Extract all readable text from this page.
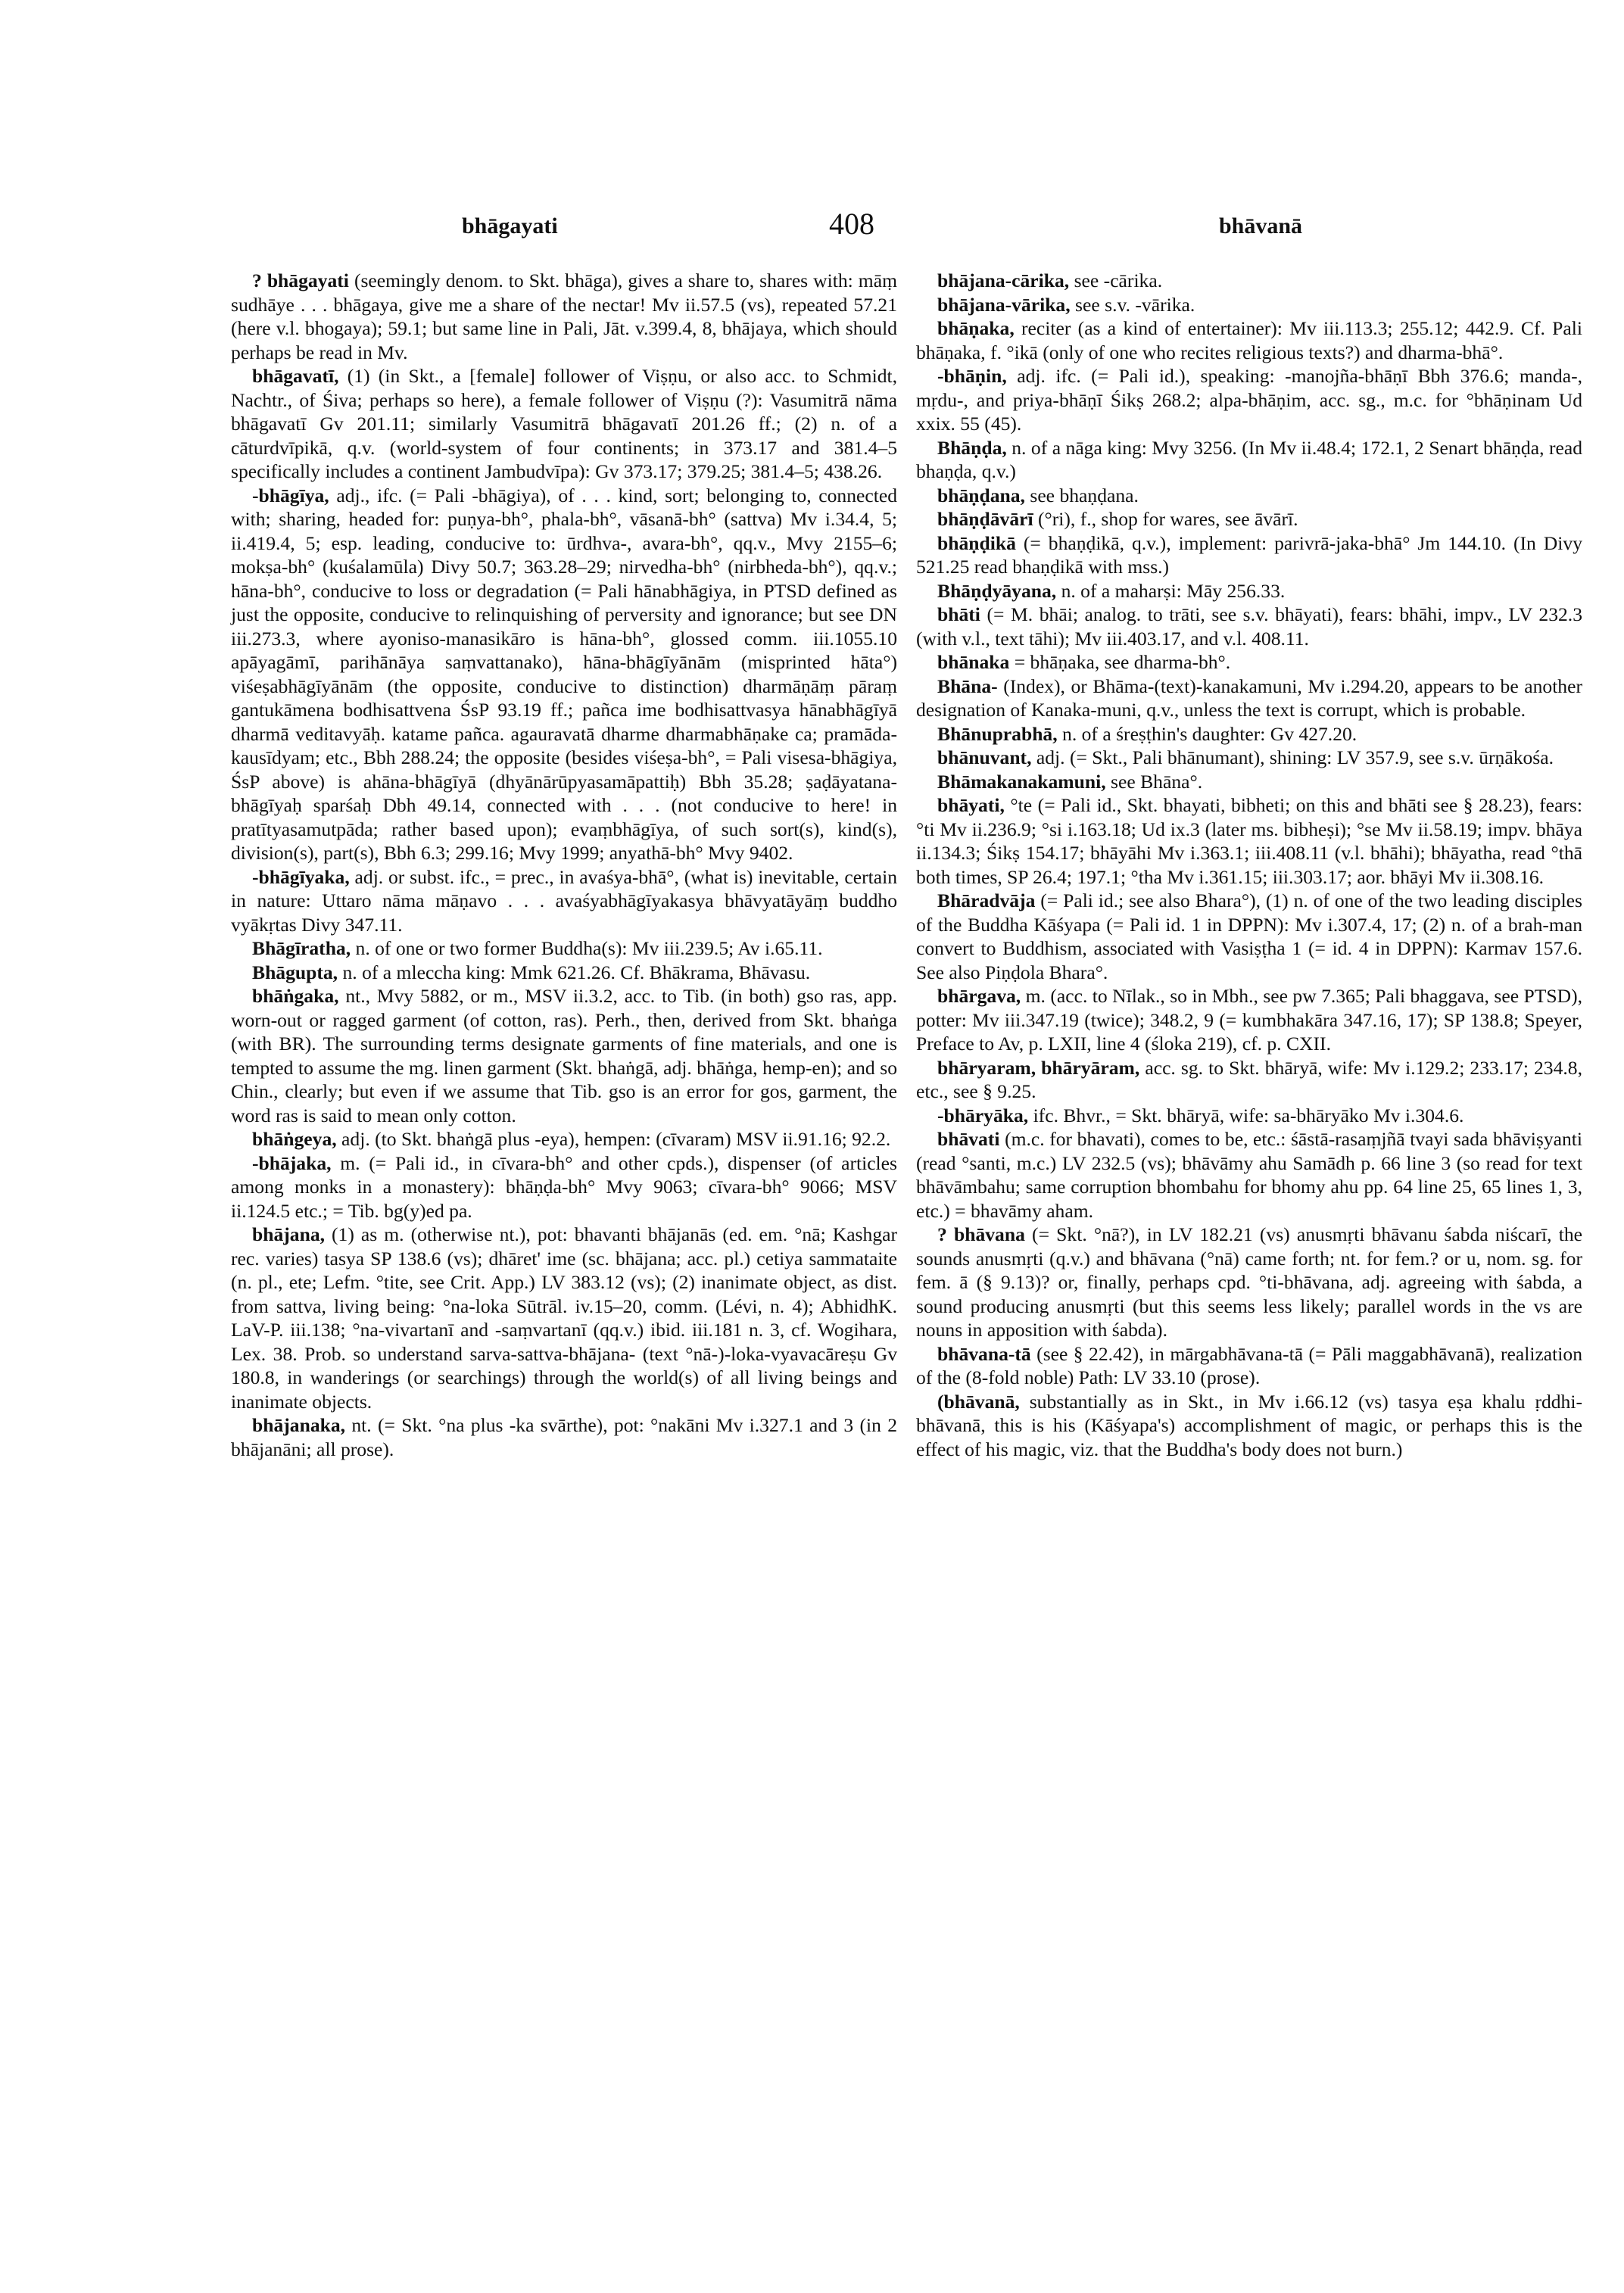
bhāgayati	408	bhāvanā

? bhāgayati (seemingly denom. to Skt. bhāga), gives a share to, shares with: māṃ sudhāye . . . bhāgaya, give me a share of the nectar! Mv ii.57.5 (vs), repeated 57.21 (here v.l. bhogaya); 59.1; but same line in Pali, Jāt. v.399.4, 8, bhājaya, which should perhaps be read in Mv.

bhāgavatī, (1) (in Skt., a [female] follower of Viṣṇu, or also acc. to Schmidt, Nachtr., of Śiva; perhaps so here), a female follower of Viṣṇu (?): Vasumitrā nāma bhāgavatī Gv 201.11; similarly Vasumitrā bhāgavatī 201.26 ff.; (2) n. of a cāturdvīpikā, q.v. (world-system of four continents; in 373.17 and 381.4–5 specifically includes a continent Jambudvīpa): Gv 373.17; 379.25; 381.4–5; 438.26.

-bhāgīya, adj., ifc. (= Pali -bhāgiya), of . . . kind, sort; belonging to, connected with; sharing, headed for: puṇya-bh°, phala-bh°, vāsanā-bh° (sattva) Mv i.34.4, 5; ii.419.4, 5; esp. leading, conducive to: ūrdhva-, avara-bh°, qq.v., Mvy 2155–6; mokṣa-bh° (kuśalamūla) Divy 50.7; 363.28–29; nirvedha-bh° (nirbheda-bh°), qq.v.; hāna-bh°, conducive to loss or degradation (= Pali hānabhāgiya, in PTSD defined as just the opposite, conducive to relinquishing of perversity and ignorance; but see DN iii.273.3, where ayoniso-manasikāro is hāna-bh°, glossed comm. iii.1055.10 apāyagāmī, parihānāya saṃvattanako), hāna-bhāgīyānām (misprinted hāta°) viśeṣabhāgīyānām (the opposite, conducive to distinction) dharmāṇāṃ pāraṃ gantukāmena bodhisattvena ŚsP 93.19 ff.; pañca ime bodhisattvasya hānabhāgīyā dharmā veditavyāḥ. katame pañca. agauravatā dharme dharmabhāṇake ca; pramāda-kausīdyam; etc., Bbh 288.24; the opposite (besides viśeṣa-bh°, = Pali visesa-bhāgiya, ŚsP above) is ahāna-bhāgīyā (dhyānārūpyasamāpattiḥ) Bbh 35.28; ṣaḍāyatana-bhāgīyaḥ sparśaḥ Dbh 49.14, connected with . . . (not conducive to here! in pratītyasamutpāda; rather based upon); evaṃbhāgīya, of such sort(s), kind(s), division(s), part(s), Bbh 6.3; 299.16; Mvy 1999; anyathā-bh° Mvy 9402.

-bhāgīyaka, adj. or subst. ifc., = prec., in avaśya-bhā°, (what is) inevitable, certain in nature: Uttaro nāma māṇavo . . . avaśyabhāgīyakasya bhāvyatāyāṃ buddho vyākṛtas Divy 347.11.

Bhāgīratha, n. of one or two former Buddha(s): Mv iii.239.5; Av i.65.11.

Bhāgupta, n. of a mleccha king: Mmk 621.26. Cf. Bhākrama, Bhāvasu.

bhāṅgaka, nt., Mvy 5882, or m., MSV ii.3.2, acc. to Tib. (in both) gso ras, app. worn-out or ragged garment (of cotton, ras). Perh., then, derived from Skt. bhaṅga (with BR). The surrounding terms designate garments of fine materials, and one is tempted to assume the mg. linen garment (Skt. bhaṅgā, adj. bhāṅga, hemp-en); and so Chin., clearly; but even if we assume that Tib. gso is an error for gos, garment, the word ras is said to mean only cotton.

bhāṅgeya, adj. (to Skt. bhaṅgā plus -eya), hempen: (cīvaram) MSV ii.91.16; 92.2.

-bhājaka, m. (= Pali id., in cīvara-bh° and other cpds.), dispenser (of articles among monks in a monastery): bhāṇḍa-bh° Mvy 9063; cīvara-bh° 9066; MSV ii.124.5 etc.; = Tib. bg(y)ed pa.

bhājana, (1) as m. (otherwise nt.), pot: bhavanti bhājanās (ed. em. °nā; Kashgar rec. varies) tasya SP 138.6 (vs); dhāret' ime (sc. bhājana; acc. pl.) cetiya sammataite (n. pl., ete; Lefm. °tite, see Crit. App.) LV 383.12 (vs); (2) inanimate object, as dist. from sattva, living being: °na-loka Sūtrāl. iv.15–20, comm. (Lévi, n. 4); AbhidhK. LaV-P. iii.138; °na-vivartanī and -saṃvartanī (qq.v.) ibid. iii.181 n. 3, cf. Wogihara, Lex. 38. Prob. so understand sarva-sattva-bhājana- (text °nā-)-loka-vyavacāreṣu Gv 180.8, in wanderings (or searchings) through the world(s) of all living beings and inanimate objects.

bhājanaka, nt. (= Skt. °na plus -ka svārthe), pot: °nakāni Mv i.327.1 and 3 (in 2 bhājanāni; all prose).

bhājana-cārika, see -cārika.

bhājana-vārika, see s.v. -vārika.

bhāṇaka, reciter (as a kind of entertainer): Mv iii.113.3; 255.12; 442.9. Cf. Pali bhāṇaka, f. °ikā (only of one who recites religious texts?) and dharma-bhā°.

-bhāṇin, adj. ifc. (= Pali id.), speaking: -manojña-bhāṇī Bbh 376.6; manda-, mṛdu-, and priya-bhāṇī Śikṣ 268.2; alpa-bhāṇim, acc. sg., m.c. for °bhāṇinam Ud xxix. 55 (45).

Bhāṇḍa, n. of a nāga king: Mvy 3256. (In Mv ii.48.4; 172.1, 2 Senart bhāṇḍa, read bhaṇḍa, q.v.)

bhāṇḍana, see bhaṇḍana.

bhāṇḍāvārī (°ri), f., shop for wares, see āvārī.

bhāṇḍikā (= bhaṇḍikā, q.v.), implement: parivrā-jaka-bhā° Jm 144.10. (In Divy 521.25 read bhaṇḍikā with mss.)

Bhāṇḍyāyana, n. of a maharṣi: Māy 256.33.

bhāti (= M. bhāi; analog. to trāti, see s.v. bhāyati), fears: bhāhi, impv., LV 232.3 (with v.l., text tāhi); Mv iii.403.17, and v.l. 408.11.

bhānaka = bhāṇaka, see dharma-bh°.

Bhāna- (Index), or Bhāma-(text)-kanakamuni, Mv i.294.20, appears to be another designation of Kanaka-muni, q.v., unless the text is corrupt, which is probable.

Bhānuprabhā, n. of a śreṣṭhin's daughter: Gv 427.20.

bhānuvant, adj. (= Skt., Pali bhānumant), shining: LV 357.9, see s.v. ūrṇākośa.

Bhāmakanakamuni, see Bhāna°.

bhāyati, °te (= Pali id., Skt. bhayati, bibheti; on this and bhāti see § 28.23), fears: °ti Mv ii.236.9; °si i.163.18; Ud ix.3 (later ms. bibheṣi); °se Mv ii.58.19; impv. bhāya ii.134.3; Śikṣ 154.17; bhāyāhi Mv i.363.1; iii.408.11 (v.l. bhāhi); bhāyatha, read °thā both times, SP 26.4; 197.1; °tha Mv i.361.15; iii.303.17; aor. bhāyi Mv ii.308.16.

Bhāradvāja (= Pali id.; see also Bhara°), (1) n. of one of the two leading disciples of the Buddha Kāśyapa (= Pali id. 1 in DPPN): Mv i.307.4, 17; (2) n. of a brah-man convert to Buddhism, associated with Vasiṣṭha 1 (= id. 4 in DPPN): Karmav 157.6. See also Piṇḍola Bhara°.

bhārgava, m. (acc. to Nīlak., so in Mbh., see pw 7.365; Pali bhaggava, see PTSD), potter: Mv iii.347.19 (twice); 348.2, 9 (= kumbhakāra 347.16, 17); SP 138.8; Speyer, Preface to Av, p. LXII, line 4 (śloka 219), cf. p. CXII.

bhāryaram, bhāryāram, acc. sg. to Skt. bhāryā, wife: Mv i.129.2; 233.17; 234.8, etc., see § 9.25.

-bhāryāka, ifc. Bhvr., = Skt. bhāryā, wife: sa-bhāryāko Mv i.304.6.

bhāvati (m.c. for bhavati), comes to be, etc.: śāstā-rasaṃjñā tvayi sada bhāviṣyanti (read °santi, m.c.) LV 232.5 (vs); bhāvāmy ahu Samādh p. 66 line 3 (so read for text bhāvāmbahu; same corruption bhombahu for bhomy ahu pp. 64 line 25, 65 lines 1, 3, etc.) = bhavāmy aham.

? bhāvana (= Skt. °nā?), in LV 182.21 (vs) anusmṛti bhāvanu śabda niścarī, the sounds anusmṛti (q.v.) and bhāvana (°nā) came forth; nt. for fem.? or u, nom. sg. for fem. ā (§ 9.13)? or, finally, perhaps cpd. °ti-bhāvana, adj. agreeing with śabda, a sound producing anusmṛti (but this seems less likely; parallel words in the vs are nouns in apposition with śabda).

bhāvana-tā (see § 22.42), in mārgabhāvana-tā (= Pāli maggabhāvanā), realization of the (8-fold noble) Path: LV 33.10 (prose).

(bhāvanā, substantially as in Skt., in Mv i.66.12 (vs) tasya eṣa khalu ṛddhi-bhāvanā, this is his (Kāśyapa's) accomplishment of magic, or perhaps this is the effect of his magic, viz. that the Buddha's body does not burn.)
